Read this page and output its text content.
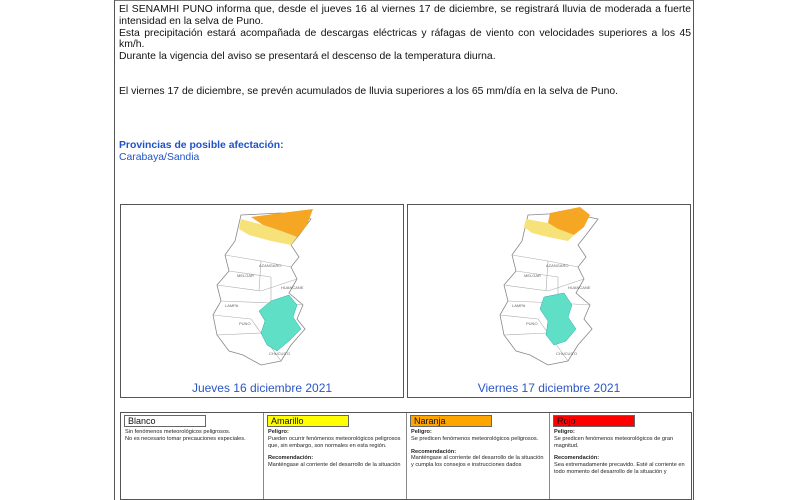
El SENAMHI PUNO informa que, desde el jueves 16 al viernes 17 de diciembre, se registrará lluvia de moderada a fuerte intensidad en la selva de Puno.
Esta precipitación estará acompañada de descargas eléctricas y ráfagas de viento con velocidades superiores a los 45 km/h.
Durante la vigencia del aviso se presentará el descenso de la temperatura diurna.
El viernes 17 de diciembre, se prevén acumulados de lluvia superiores a los 65 mm/día en la selva de Puno.
Provincias de posible afectación:
Carabaya/Sandia
MELGAR
AZANGARO
LAMPA
PUNO
HUANCANE
CHUCUITO
Jueves 16 diciembre 2021
MELGAR
AZANGARO
LAMPA
PUNO
HUANCANE
CHUCUITO
Viernes 17 diciembre 2021
Blanco
Sin fenómenos meteorológicos peligrosos.
No es necesario tomar precauciones especiales.
Amarillo
Peligro:
Pueden ocurrir fenómenos meteorológicos peligrosos que, sin embargo, son normales en esta región.
Recomendación:
Manténgase al corriente del desarrollo de la situación
Naranja
Peligro:
Se predicen fenómenos meteorológicos peligrosos.
Recomendación:
Manténgase al corriente del desarrollo de la situación y cumpla los consejos e instrucciones dados
Rojo
Peligro:
Se predicen fenómenos meteorológicos de gran magnitud.
Recomendación:
Sea extremadamente precavido. Esté al corriente en todo momento del desarrollo de la situación y
